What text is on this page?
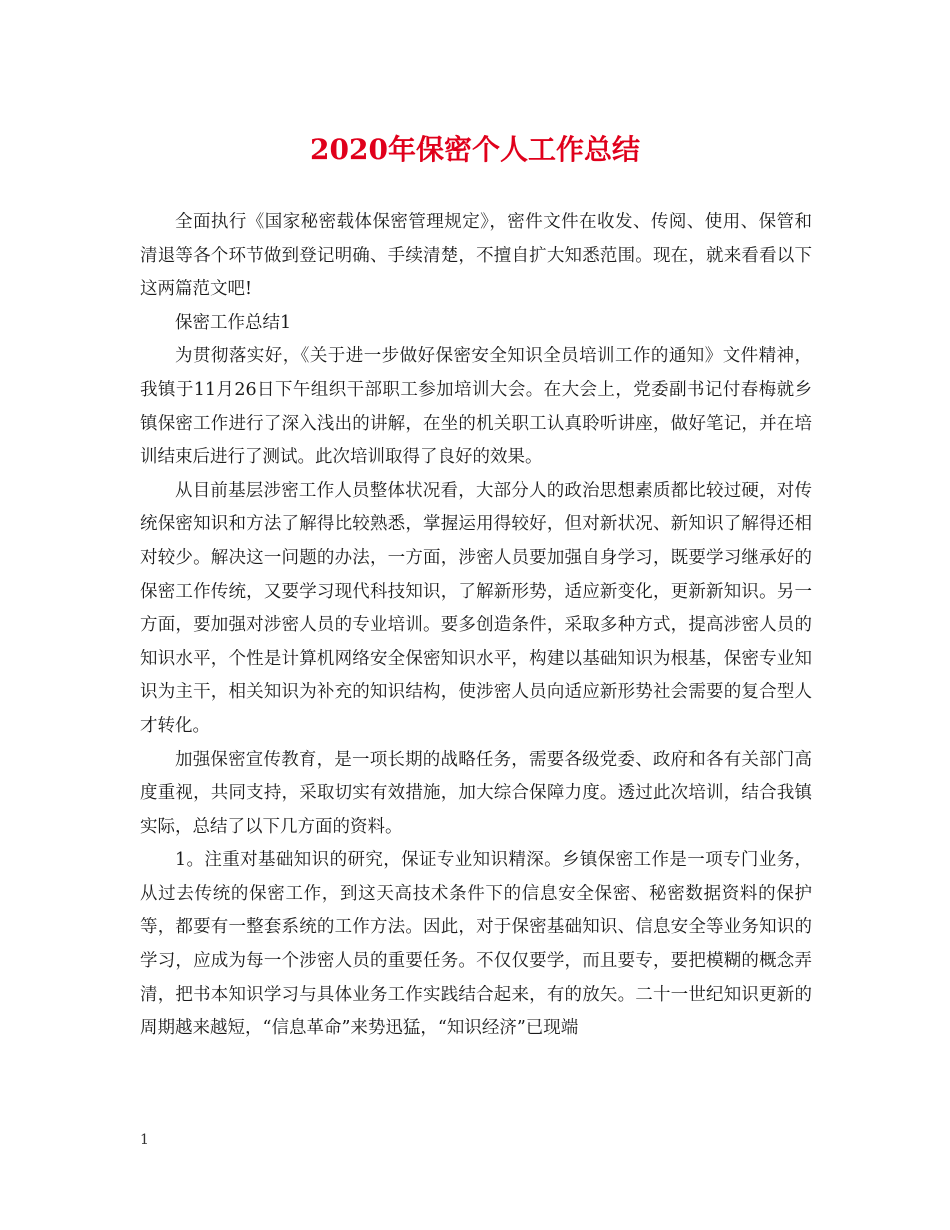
2020年保密个人工作总结

全面执行《国家秘密载体保密管理规定》，密件文件在收发、传阅、使用、保管和清退等各个环节做到登记明确、手续清楚，不擅自扩大知悉范围。现在，就来看看以下这两篇范文吧!

保密工作总结1

为贯彻落实好，《关于进一步做好保密安全知识全员培训工作的通知》文件精神，我镇于11月26日下午组织干部职工参加培训大会。在大会上，党委副书记付春梅就乡镇保密工作进行了深入浅出的讲解，在坐的机关职工认真聆听讲座，做好笔记，并在培训结束后进行了测试。此次培训取得了良好的效果。

从目前基层涉密工作人员整体状况看，大部分人的政治思想素质都比较过硬，对传统保密知识和方法了解得比较熟悉，掌握运用得较好，但对新状况、新知识了解得还相对较少。解决这一问题的办法，一方面，涉密人员要加强自身学习，既要学习继承好的保密工作传统，又要学习现代科技知识，了解新形势，适应新变化，更新新知识。另一方面，要加强对涉密人员的专业培训。要多创造条件，采取多种方式，提高涉密人员的知识水平，个性是计算机网络安全保密知识水平，构建以基础知识为根基，保密专业知识为主干，相关知识为补充的知识结构，使涉密人员向适应新形势社会需要的复合型人才转化。

加强保密宣传教育，是一项长期的战略任务，需要各级党委、政府和各有关部门高度重视，共同支持，采取切实有效措施，加大综合保障力度。透过此次培训，结合我镇实际，总结了以下几方面的资料。

1。注重对基础知识的研究，保证专业知识精深。乡镇保密工作是一项专门业务，从过去传统的保密工作，到这天高技术条件下的信息安全保密、秘密数据资料的保护等，都要有一整套系统的工作方法。因此，对于保密基础知识、信息安全等业务知识的学习，应成为每一个涉密人员的重要任务。不仅仅要学，而且要专，要把模糊的概念弄清，把书本知识学习与具体业务工作实践结合起来，有的放矢。二十一世纪知识更新的周期越来越短，“信息革命”来势迅猛，“知识经济”已现端

1
